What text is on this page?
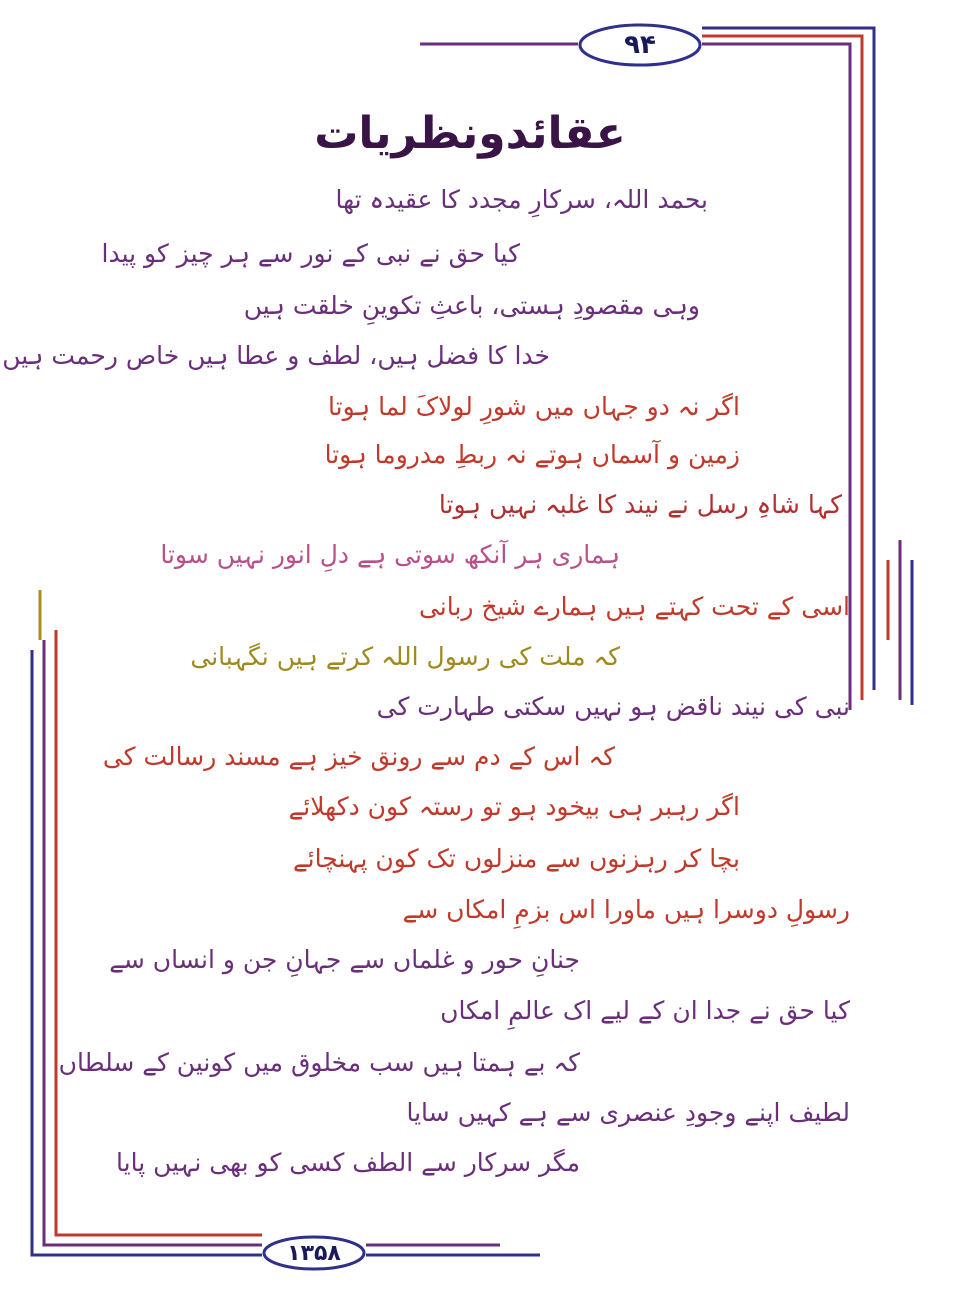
۹۴
۱۳۵۸
عقائدونظریات
بحمد اللہ، سرکارِ مجدد کا عقیدہ تھا
کیا حق نے نبی کے نور سے ہر چیز کو پیدا
وہی مقصودِ ہستی، باعثِ تکوینِ خلقت ہیں
خدا کا فضل ہیں، لطف و عطا ہیں خاص رحمت ہیں
اگر نہ دو جہاں میں شورِ لولاکَ لما ہوتا
زمین و آسماں ہوتے نہ ربطِ مدروما ہوتا
کہا شاہِ رسل نے نیند کا غلبہ نہیں ہوتا
ہماری ہر آنکھ سوتی ہے دلِ انور نہیں سوتا
اسی کے تحت کہتے ہیں ہمارے شیخ ربانی
کہ ملت کی رسول اللہ کرتے ہیں نگہبانی
نبی کی نیند ناقض ہو نہیں سکتی طہارت کی
کہ اس کے دم سے رونق خیز ہے مسند رسالت کی
اگر رہبر ہی بیخود ہو تو رستہ کون دکھلائے
بچا کر رہزنوں سے منزلوں تک کون پہنچائے
رسولِ دوسرا ہیں ماورا اس بزمِ امکاں سے
جنانِ حور و غلماں سے جہانِ جن و انساں سے
کیا حق نے جدا ان کے لیے اک عالمِ امکاں
کہ بے ہمتا ہیں سب مخلوق میں کونین کے سلطاں
لطیف اپنے وجودِ عنصری سے ہے کہیں سایا
مگر سرکار سے الطف کسی کو بھی نہیں پایا
